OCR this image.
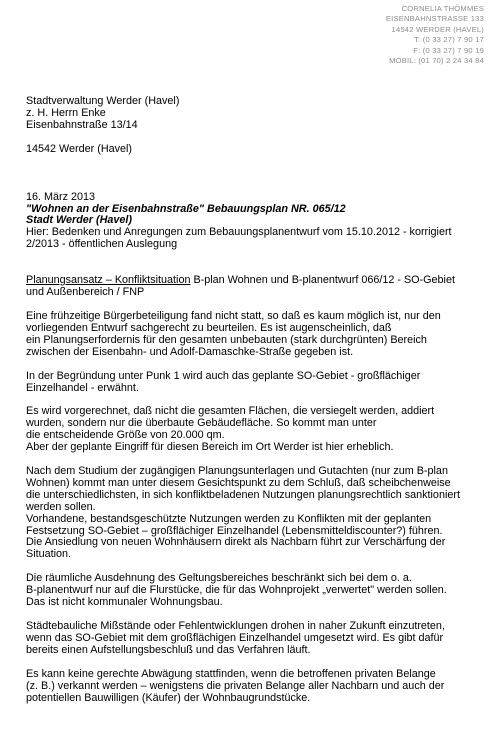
CORNELIA THÖMMES
EISENBAHNSTRASSE 133
14542 WERDER (HAVEL)
T: (0 33 27) 7 90 17
F: (0 33 27) 7 90 19
MOBIL: (01 70) 2 24 34 84

Stadtverwaltung Werder (Havel)

z. H. Herrn Enke

Eisenbahnstraße 13/14

14542 Werder (Havel)

16. März 2013

"Wohnen an der Eisenbahnstraße" Bebauungsplan NR. 065/12

Stadt Werder (Havel)

Hier: Bedenken und Anregungen zum Bebauungsplanentwurf vom 15.10.2012 - korrigiert

2/2013 - öffentlichen Auslegung

Planungsansatz – Konfliktsituation B-plan Wohnen und B-planentwurf 066/12 - SO-Gebiet

und Außenbereich / FNP

Eine frühzeitige Bürgerbeteiligung fand nicht statt, so daß es kaum möglich ist, nur den

vorliegenden Entwurf sachgerecht zu beurteilen. Es ist augenscheinlich, daß

ein Planungserfordernis für den gesamten unbebauten (stark durchgrünten) Bereich

zwischen der Eisenbahn- und Adolf-Damaschke-Straße gegeben ist.

In der Begründung unter Punk 1 wird auch das geplante SO-Gebiet - großflächiger

Einzelhandel - erwähnt.

Es wird vorgerechnet, daß nicht die gesamten Flächen, die versiegelt werden, addiert

wurden, sondern nur die überbaute Gebäudefläche. So kommt man unter

die entscheidende Größe von 20.000 qm.

Aber der geplante Eingriff für diesen Bereich im Ort Werder ist hier erheblich.

Nach dem Studium der zugängigen Planungsunterlagen und Gutachten (nur zum B-plan

Wohnen) kommt man unter diesem Gesichtspunkt zu dem Schluß, daß scheibchenweise

die unterschiedlichsten, in sich konfliktbeladenen Nutzungen planungsrechtlich sanktioniert

werden sollen.

Vorhandene, bestandsgeschützte Nutzungen werden zu Konflikten mit der geplanten

Festsetzung SO-Gebiet – großflächiger Einzelhandel (Lebensmitteldiscounter?) führen.

Die Ansiedlung von neuen Wohnhäusern direkt als Nachbarn führt zur Verschärfung der

Situation.

Die räumliche Ausdehnung des Geltungsbereiches beschränkt sich bei dem o. a.

B-planentwurf nur auf die Flurstücke, die für das Wohnprojekt „verwertet" werden sollen.

Das ist nicht kommunaler Wohnungsbau.

Städtebauliche Mißstände oder Fehlentwicklungen drohen in naher Zukunft einzutreten,

wenn das SO-Gebiet mit dem großflächigen Einzelhandel umgesetzt wird. Es gibt dafür

bereits einen Aufstellungsbeschluß und das Verfahren läuft.

Es kann keine gerechte Abwägung stattfinden, wenn die betroffenen privaten Belange

(z. B.) verkannt werden – wenigstens die privaten Belange aller Nachbarn und auch der

potentiellen Bauwilligen (Käufer) der Wohnbaugrundstücke.
